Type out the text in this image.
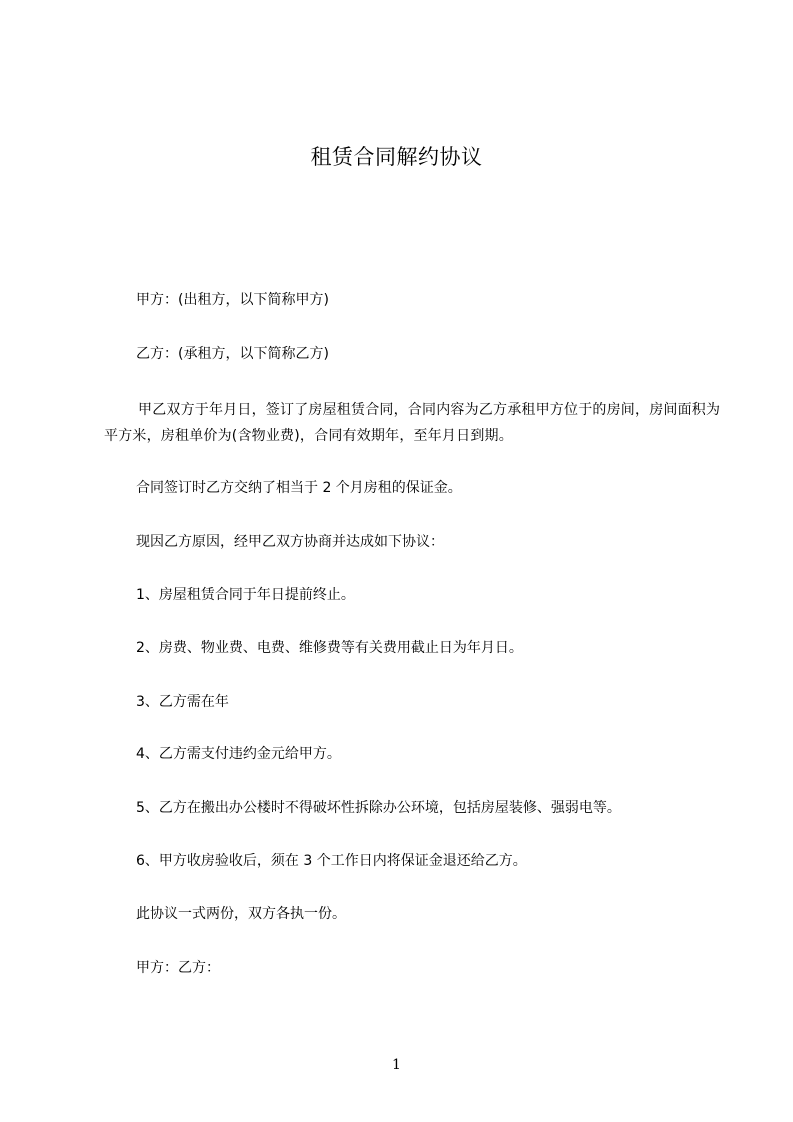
租赁合同解约协议

甲方：(出租方，以下简称甲方)

乙方：(承租方，以下简称乙方)

甲乙双方于年月日，签订了房屋租赁合同，合同内容为乙方承租甲方位于的房间，房间面积为平方米，房租单价为(含物业费)，合同有效期年，至年月日到期。

合同签订时乙方交纳了相当于 2 个月房租的保证金。

现因乙方原因，经甲乙双方协商并达成如下协议：

1、房屋租赁合同于年日提前终止。

2、房费、物业费、电费、维修费等有关费用截止日为年月日。

3、乙方需在年

4、乙方需支付违约金元给甲方。

5、乙方在搬出办公楼时不得破坏性拆除办公环境，包括房屋装修、强弱电等。

6、甲方收房验收后，须在 3 个工作日内将保证金退还给乙方。

此协议一式两份，双方各执一份。

甲方：乙方：

1
